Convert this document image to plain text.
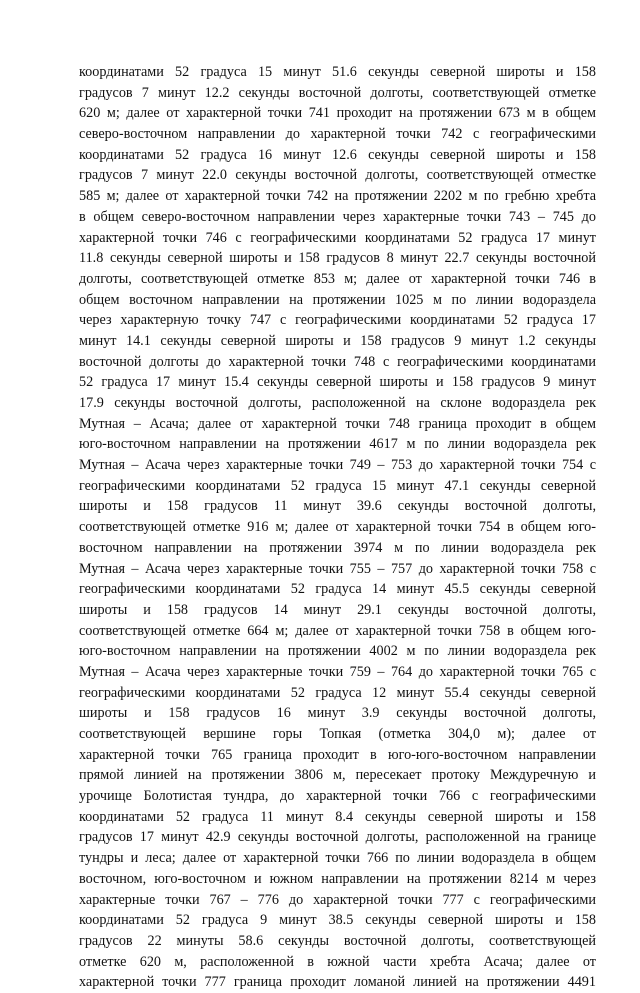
координатами 52 градуса 15 минут 51.6 секунды северной широты и 158
градусов 7 минут 12.2 секунды восточной долготы, соответствующей отметке
620 м; далее от характерной точки 741 проходит на протяжении 673 м в общем
северо-восточном направлении до характерной точки 742 с географическими
координатами 52 градуса 16 минут 12.6 секунды северной широты и 158
градусов 7 минут 22.0 секунды восточной долготы, соответствующей отместке
585 м; далее от характерной точки 742 на протяжении 2202 м по гребню хребта
в общем северо-восточном направлении через характерные точки 743 – 745 до
характерной точки 746 с географическими координатами 52 градуса 17 минут
11.8 секунды северной широты и 158 градусов 8 минут 22.7 секунды восточной
долготы, соответствующей отметке 853 м; далее от характерной точки 746 в
общем восточном направлении на протяжении 1025 м по линии водораздела
через характерную точку 747 с географическими координатами 52 градуса 17
минут 14.1 секунды северной широты и 158 градусов 9 минут 1.2 секунды
восточной долготы до характерной точки 748 с географическими координатами
52 градуса 17 минут 15.4 секунды северной широты и 158 градусов 9 минут
17.9 секунды восточной долготы, расположенной на склоне водораздела рек
Мутная – Асача; далее от характерной точки 748 граница проходит в общем
юго-восточном направлении на протяжении 4617 м по линии водораздела рек
Мутная – Асача через характерные точки 749 – 753 до характерной точки 754 с
географическими координатами 52 градуса 15 минут 47.1 секунды северной
широты и 158 градусов 11 минут 39.6 секунды восточной долготы,
соответствующей отметке 916 м; далее от характерной точки 754 в общем юго-
восточном направлении на протяжении 3974 м по линии водораздела рек
Мутная – Асача через характерные точки 755 – 757 до характерной точки 758 с
географическими координатами 52 градуса 14 минут 45.5 секунды северной
широты и 158 градусов 14 минут 29.1 секунды восточной долготы,
соответствующей отметке 664 м; далее от характерной точки 758 в общем юго-
юго-восточном направлении на протяжении 4002 м по линии водораздела рек
Мутная – Асача через характерные точки 759 – 764 до характерной точки 765 с
географическими координатами 52 градуса 12 минут 55.4 секунды северной
широты и 158 градусов 16 минут 3.9 секунды восточной долготы,
соответствующей вершине горы Топкая (отметка 304,0 м); далее от
характерной точки 765 граница проходит в юго-юго-восточном направлении
прямой линией на протяжении 3806 м, пересекает протоку Междуречную и
урочище Болотистая тундра, до характерной точки 766 с географическими
координатами 52 градуса 11 минут 8.4 секунды северной широты и 158
градусов 17 минут 42.9 секунды восточной долготы, расположенной на границе
тундры и леса; далее от характерной точки 766 по линии водораздела в общем
восточном, юго-восточном и южном направлении на протяжении 8214 м через
характерные точки 767 – 776 до характерной точки 777 с географическими
координатами 52 градуса 9 минут 38.5 секунды северной широты и 158
градусов 22 минуты 58.6 секунды восточной долготы, соответствующей
отметке 620 м, расположенной в южной части хребта Асача; далее от
характерной точки 777 граница проходит ломаной линией на протяжении 4491
